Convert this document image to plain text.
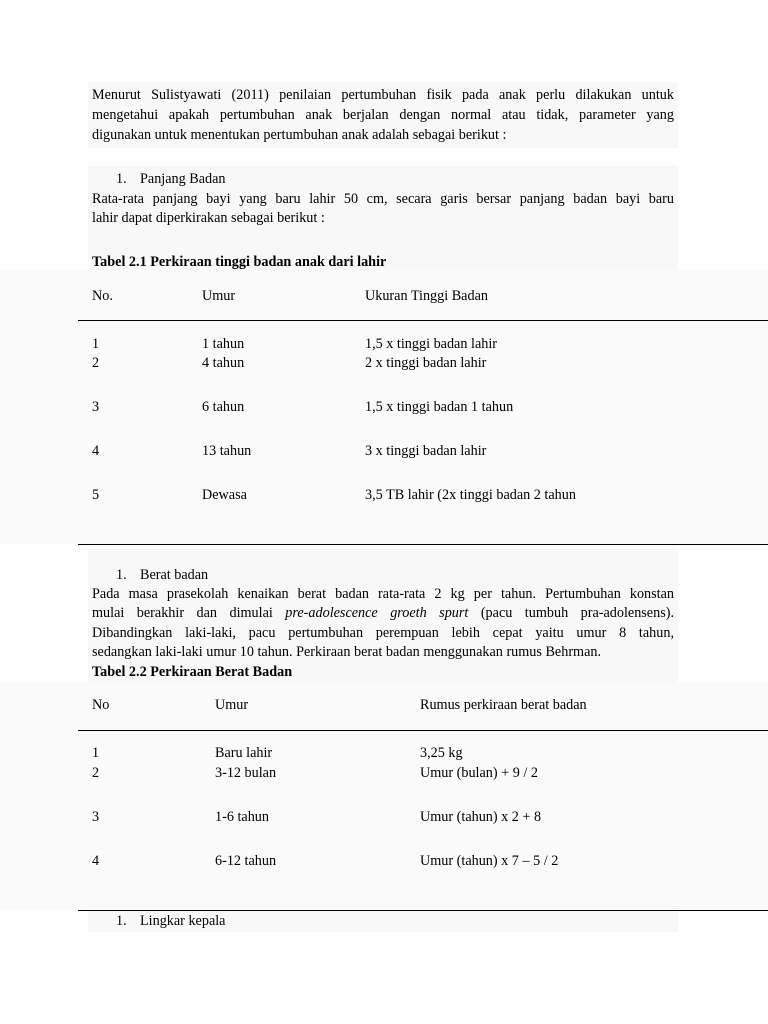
Menurut Sulistyawati (2011) penilaian pertumbuhan fisik pada anak perlu dilakukan untuk
mengetahui apakah pertumbuhan anak berjalan dengan normal atau tidak, parameter yang
digunakan untuk menentukan pertumbuhan anak adalah sebagai berikut :
1. Panjang Badan
Rata-rata panjang bayi yang baru lahir 50 cm, secara garis bersar panjang badan bayi baru
lahir dapat diperkirakan sebagai berikut :
Tabel 2.1 Perkiraan tinggi badan anak dari lahir
No.	Umur	Ukuran Tinggi Badan
1	1 tahun	1,5 x tinggi badan lahir
2	4 tahun	2 x tinggi badan lahir
3	6 tahun	1,5 x tinggi badan 1 tahun
4	13 tahun	3 x tinggi badan lahir
5	Dewasa	3,5 TB lahir (2x tinggi badan 2 tahun
1. Berat badan
Pada masa prasekolah kenaikan berat badan rata-rata 2 kg per tahun. Pertumbuhan konstan
mulai berakhir dan dimulai pre-adolescence groeth spurt (pacu tumbuh pra-adolensens).
Dibandingkan laki-laki, pacu pertumbuhan perempuan lebih cepat yaitu umur 8 tahun,
sedangkan laki-laki umur 10 tahun. Perkiraan berat badan menggunakan rumus Behrman.
Tabel 2.2 Perkiraan Berat Badan
No	Umur	Rumus perkiraan berat badan
1	Baru lahir	3,25 kg
2	3-12 bulan	Umur (bulan) + 9 / 2
3	1-6 tahun	Umur (tahun) x 2 + 8
4	6-12 tahun	Umur (tahun) x 7 – 5 / 2
1. Lingkar kepala
